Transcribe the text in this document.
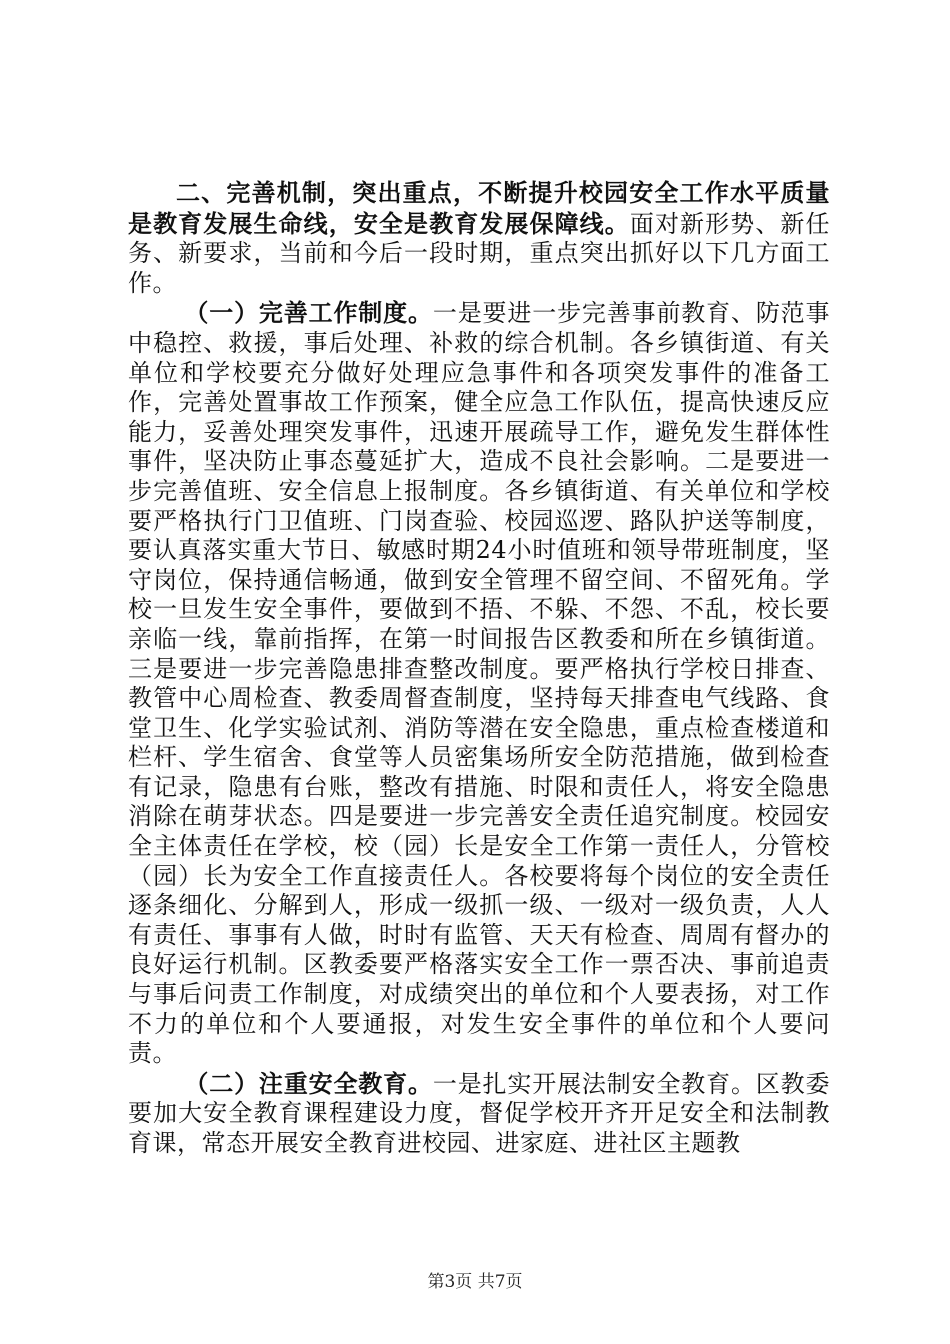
二、完善机制，突出重点，不断提升校园安全工作水平质量是教育发展生命线，安全是教育发展保障线。面对新形势、新任务、新要求，当前和今后一段时期，重点突出抓好以下几方面工作。

（一）完善工作制度。一是要进一步完善事前教育、防范事中稳控、救援，事后处理、补救的综合机制。各乡镇街道、有关单位和学校要充分做好处理应急事件和各项突发事件的准备工作，完善处置事故工作预案，健全应急工作队伍，提高快速反应能力，妥善处理突发事件，迅速开展疏导工作，避免发生群体性事件，坚决防止事态蔓延扩大，造成不良社会影响。二是要进一步完善值班、安全信息上报制度。各乡镇街道、有关单位和学校要严格执行门卫值班、门岗查验、校园巡逻、路队护送等制度，要认真落实重大节日、敏感时期24小时值班和领导带班制度，坚守岗位，保持通信畅通，做到安全管理不留空间、不留死角。学校一旦发生安全事件，要做到不捂、不躲、不怨、不乱，校长要亲临一线，靠前指挥，在第一时间报告区教委和所在乡镇街道。三是要进一步完善隐患排查整改制度。要严格执行学校日排查、教管中心周检查、教委周督查制度，坚持每天排查电气线路、食堂卫生、化学实验试剂、消防等潜在安全隐患，重点检查楼道和栏杆、学生宿舍、食堂等人员密集场所安全防范措施，做到检查有记录，隐患有台账，整改有措施、时限和责任人，将安全隐患消除在萌芽状态。四是要进一步完善安全责任追究制度。校园安全主体责任在学校，校（园）长是安全工作第一责任人，分管校（园）长为安全工作直接责任人。各校要将每个岗位的安全责任逐条细化、分解到人，形成一级抓一级、一级对一级负责，人人有责任、事事有人做，时时有监管、天天有检查、周周有督办的良好运行机制。区教委要严格落实安全工作一票否决、事前追责与事后问责工作制度，对成绩突出的单位和个人要表扬，对工作不力的单位和个人要通报，对发生安全事件的单位和个人要问责。

（二）注重安全教育。一是扎实开展法制安全教育。区教委要加大安全教育课程建设力度，督促学校开齐开足安全和法制教育课，常态开展安全教育进校园、进家庭、进社区主题教

第3页 共7页
